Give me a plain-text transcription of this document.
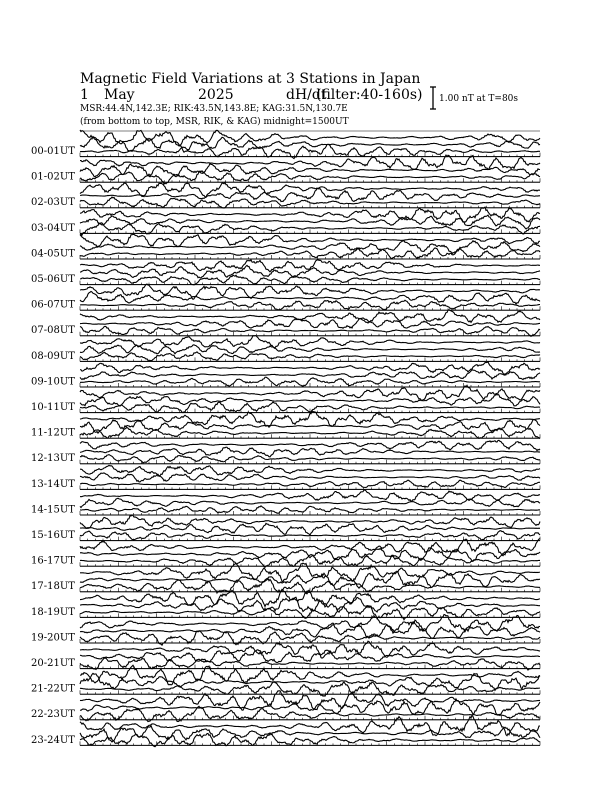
Magnetic Field Variations at 3 Stations in Japan
1 May	2025	dH/dt
(filter:40-160s)
MSR:44.4N,142.3E; RIK:43.5N,143.8E; KAG:31.5N,130.7E
(from bottom to top, MSR, RIK, & KAG) midnight=1500UT
1.00 nT at T=80s
00-01UT
01-02UT
02-03UT
03-04UT
04-05UT
05-06UT
06-07UT
07-08UT
08-09UT
09-10UT
10-11UT
11-12UT
12-13UT
13-14UT
14-15UT
15-16UT
16-17UT
17-18UT
18-19UT
19-20UT
20-21UT
21-22UT
22-23UT
23-24UT
